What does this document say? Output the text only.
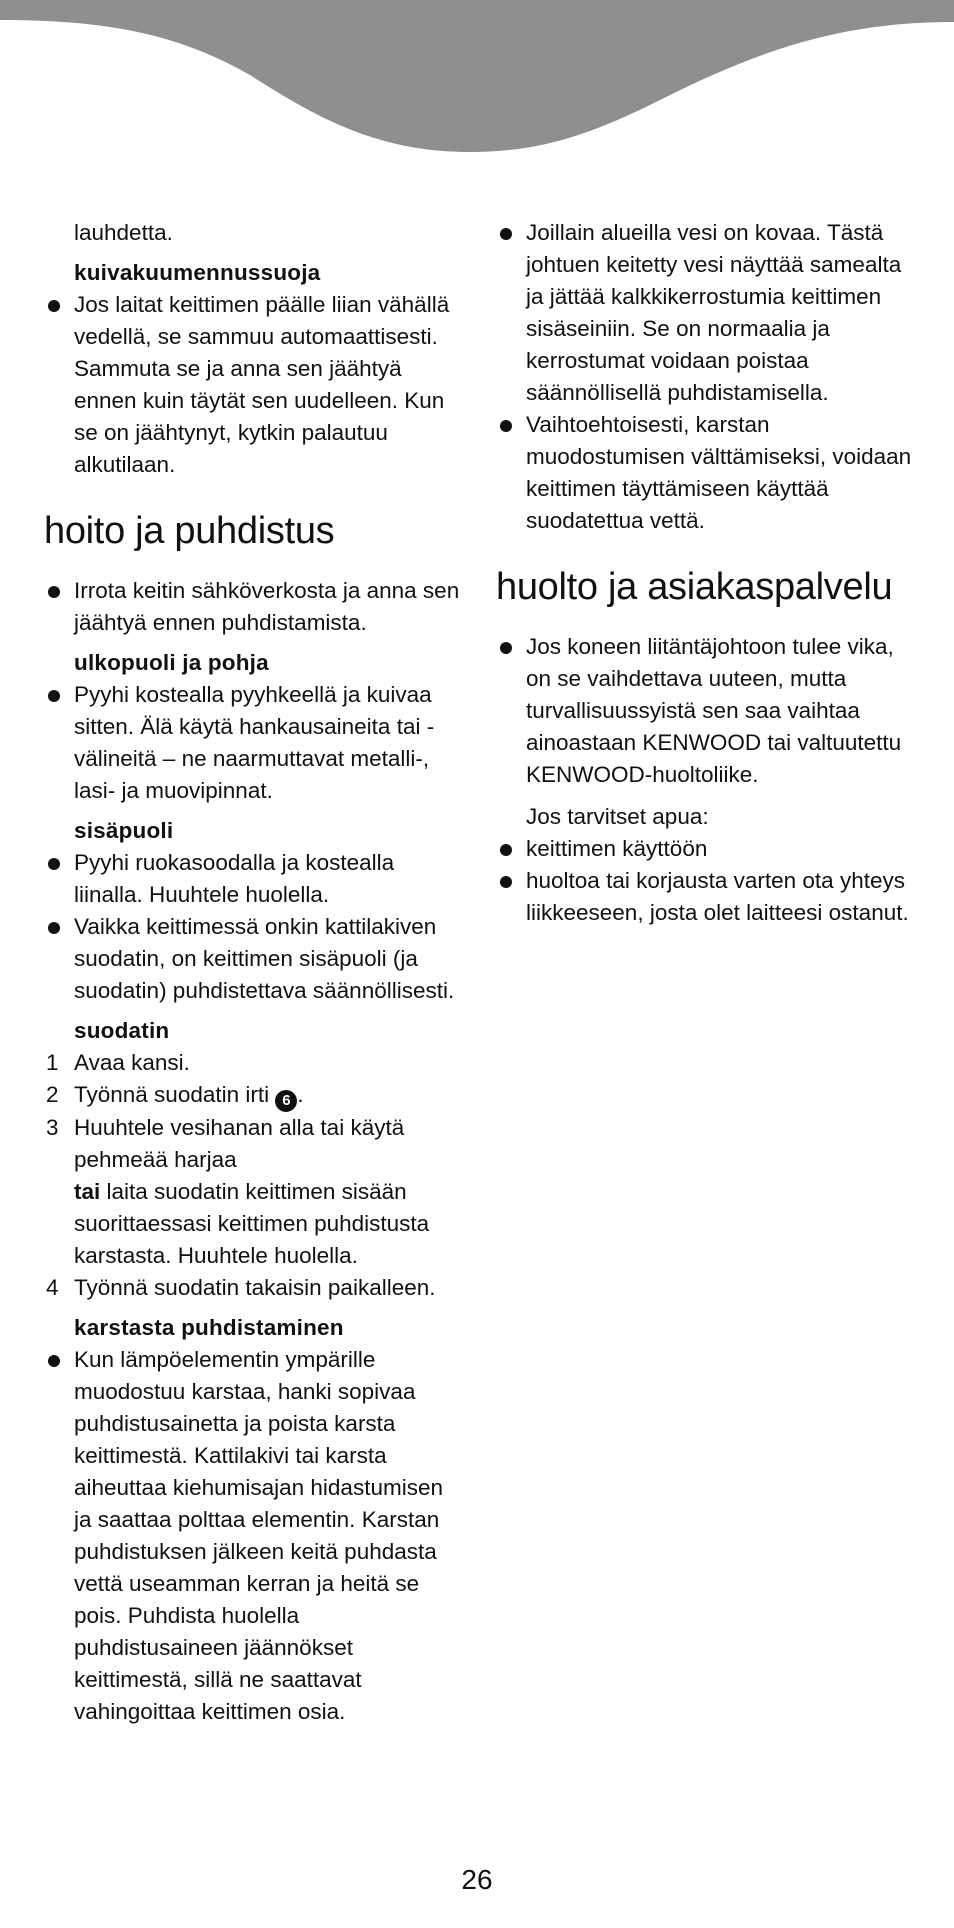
lauhdetta.
kuivakuumennussuoja
Jos laitat keittimen päälle liian vähällä vedellä, se sammuu automaattisesti. Sammuta se ja anna sen jäähtyä ennen kuin täytät sen uudelleen. Kun se on jäähtynyt, kytkin palautuu alkutilaan.
hoito ja puhdistus
Irrota keitin sähköverkosta ja anna sen jäähtyä ennen puhdistamista.
ulkopuoli ja pohja
Pyyhi kostealla pyyhkeellä ja kuivaa sitten. Älä käytä hankausaineita tai -välineitä – ne naarmuttavat metalli-, lasi- ja muovipinnat.
sisäpuoli
Pyyhi ruokasoodalla ja kostealla liinalla. Huuhtele huolella.
Vaikka keittimessä onkin kattilakiven suodatin, on keittimen sisäpuoli (ja suodatin) puhdistettava säännöllisesti.
suodatin
1 Avaa kansi.
2 Työnnä suodatin irti 6 .
3 Huuhtele vesihanan alla tai käytä pehmeää harjaa
tai laita suodatin keittimen sisään suorittaessasi keittimen puhdistusta karstasta. Huuhtele huolella.
4 Työnnä suodatin takaisin paikalleen.
karstasta puhdistaminen
Kun lämpöelementin ympärille muodostuu karstaa, hanki sopivaa puhdistusainetta ja poista karsta keittimestä. Kattilakivi tai karsta aiheuttaa kiehumisajan hidastumisen ja saattaa polttaa elementin. Karstan puhdistuksen jälkeen keitä puhdasta vettä useamman kerran ja heitä se pois. Puhdista huolella puhdistusaineen jäännökset keittimestä, sillä ne saattavat vahingoittaa keittimen osia.
Joillain alueilla vesi on kovaa. Tästä johtuen keitetty vesi näyttää samealta ja jättää kalkkikerrostumia keittimen sisäseiniin. Se on normaalia ja kerrostumat voidaan poistaa säännöllisellä puhdistamisella.
Vaihtoehtoisesti, karstan muodostumisen välttämiseksi, voidaan keittimen täyttämiseen käyttää suodatettua vettä.
huolto ja asiakaspalvelu
Jos koneen liitäntäjohtoon tulee vika, on se vaihdettava uuteen, mutta turvallisuussyistä sen saa vaihtaa ainoastaan KENWOOD tai valtuutettu KENWOOD-huoltoliike.
Jos tarvitset apua:
keittimen käyttöön
huoltoa tai korjausta varten ota yhteys liikkeeseen, josta olet laitteesi ostanut.
26
